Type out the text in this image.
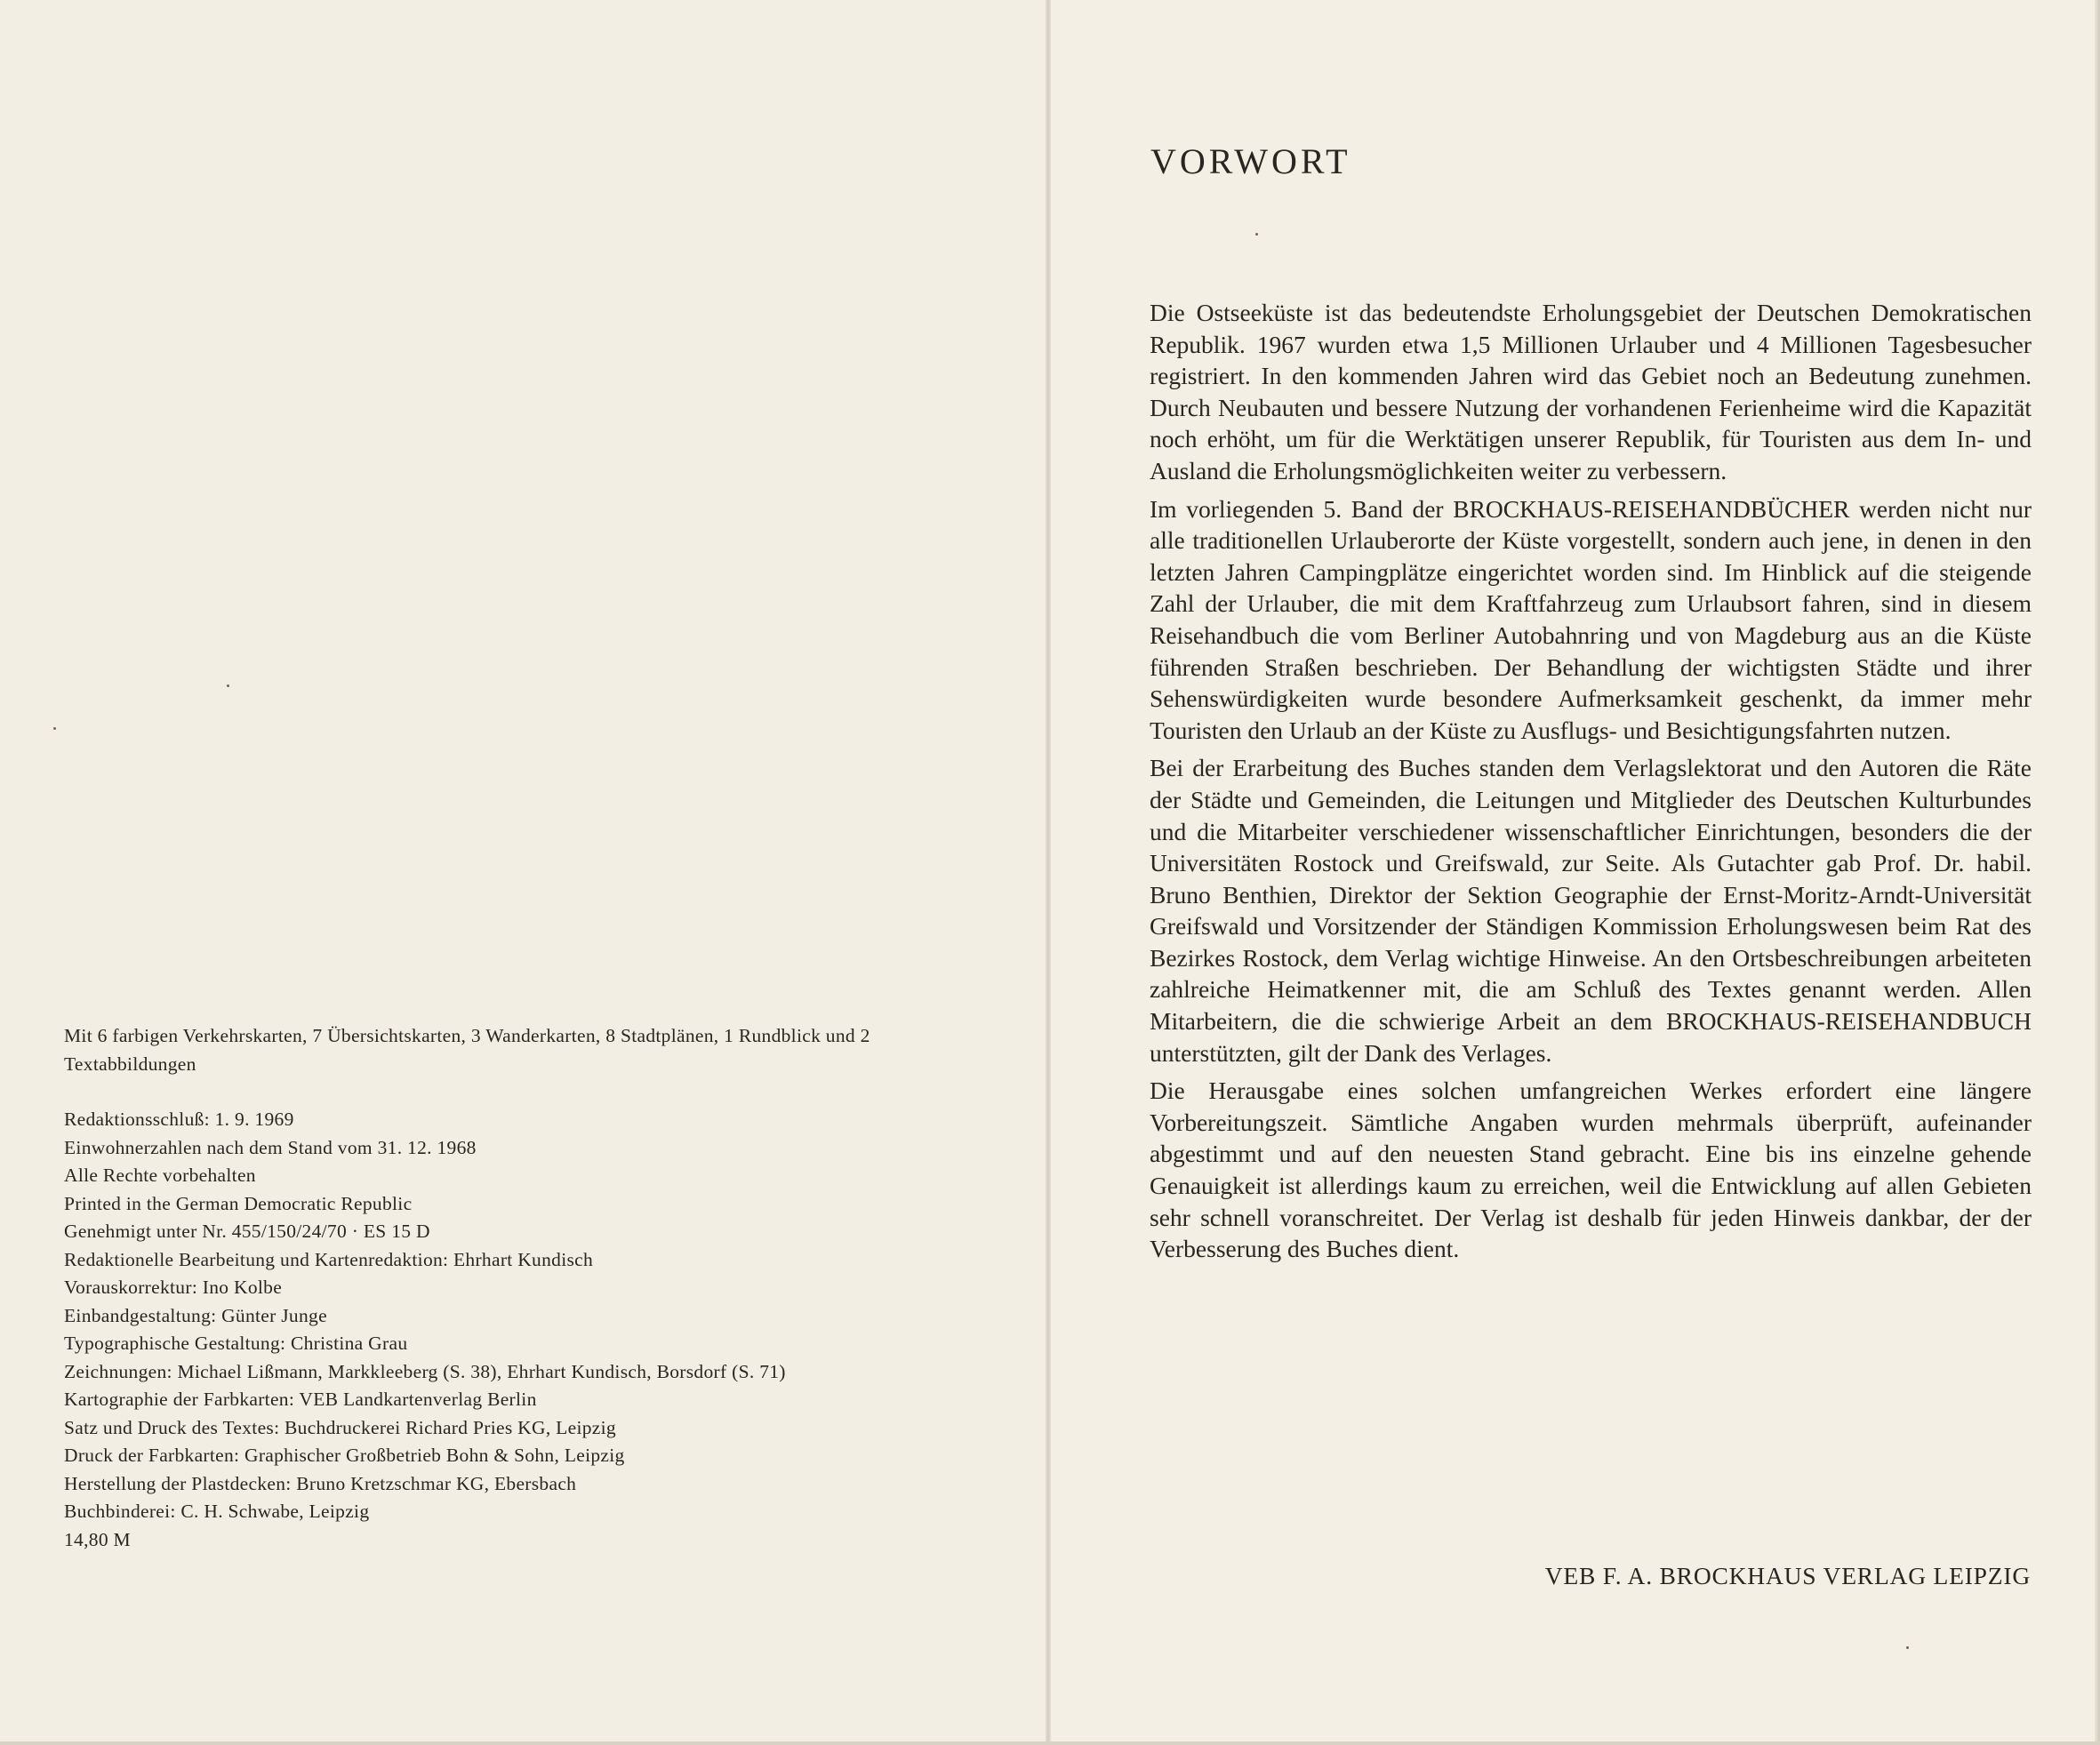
Mit 6 farbigen Verkehrskarten, 7 Übersichtskarten, 3 Wanderkarten, 8 Stadtplänen, 1 Rundblick und 2 Textabbildungen

Redaktionsschluß: 1. 9. 1969

Einwohnerzahlen nach dem Stand vom 31. 12. 1968

Alle Rechte vorbehalten

Printed in the German Democratic Republic

Genehmigt unter Nr. 455/150/24/70 · ES 15 D

Redaktionelle Bearbeitung und Kartenredaktion: Ehrhart Kundisch

Vorauskorrektur: Ino Kolbe

Einbandgestaltung: Günter Junge

Typographische Gestaltung: Christina Grau

Zeichnungen: Michael Lißmann, Markkleeberg (S. 38), Ehrhart Kundisch, Borsdorf (S. 71)

Kartographie der Farbkarten: VEB Landkartenverlag Berlin

Satz und Druck des Textes: Buchdruckerei Richard Pries KG, Leipzig

Druck der Farbkarten: Graphischer Großbetrieb Bohn & Sohn, Leipzig

Herstellung der Plastdecken: Bruno Kretzschmar KG, Ebersbach

Buchbinderei: C. H. Schwabe, Leipzig

14,80 M

VORWORT

Die Ostseeküste ist das bedeutendste Erholungsgebiet der Deutschen Demokratischen Republik. 1967 wurden etwa 1,5 Millionen Urlauber und 4 Millionen Tagesbesucher registriert. In den kommenden Jahren wird das Gebiet noch an Bedeutung zunehmen. Durch Neubauten und bessere Nutzung der vorhandenen Ferienheime wird die Kapazität noch erhöht, um für die Werktätigen unserer Republik, für Touristen aus dem In- und Ausland die Erholungsmöglichkeiten weiter zu verbessern.

Im vorliegenden 5. Band der BROCKHAUS-REISEHANDBÜCHER werden nicht nur alle traditionellen Urlauberorte der Küste vorgestellt, sondern auch jene, in denen in den letzten Jahren Campingplätze eingerichtet worden sind. Im Hinblick auf die steigende Zahl der Urlauber, die mit dem Kraftfahrzeug zum Urlaubsort fahren, sind in diesem Reisehandbuch die vom Berliner Autobahnring und von Magdeburg aus an die Küste führenden Straßen beschrieben. Der Behandlung der wichtigsten Städte und ihrer Sehenswürdigkeiten wurde besondere Aufmerksamkeit geschenkt, da immer mehr Touristen den Urlaub an der Küste zu Ausflugs- und Besichtigungsfahrten nutzen.

Bei der Erarbeitung des Buches standen dem Verlagslektorat und den Autoren die Räte der Städte und Gemeinden, die Leitungen und Mitglieder des Deutschen Kulturbundes und die Mitarbeiter verschiedener wissenschaftlicher Einrichtungen, besonders die der Universitäten Rostock und Greifswald, zur Seite. Als Gutachter gab Prof. Dr. habil. Bruno Benthien, Direktor der Sektion Geographie der Ernst-Moritz-Arndt-Universität Greifswald und Vorsitzender der Ständigen Kommission Erholungswesen beim Rat des Bezirkes Rostock, dem Verlag wichtige Hinweise. An den Ortsbeschreibungen arbeiteten zahlreiche Heimatkenner mit, die am Schluß des Textes genannt werden. Allen Mitarbeitern, die die schwierige Arbeit an dem BROCKHAUS-REISEHANDBUCH unterstützten, gilt der Dank des Verlages.

Die Herausgabe eines solchen umfangreichen Werkes erfordert eine längere Vorbereitungszeit. Sämtliche Angaben wurden mehrmals überprüft, aufeinander abgestimmt und auf den neuesten Stand gebracht. Eine bis ins einzelne gehende Genauigkeit ist allerdings kaum zu erreichen, weil die Entwicklung auf allen Gebieten sehr schnell voranschreitet. Der Verlag ist deshalb für jeden Hinweis dankbar, der der Verbesserung des Buches dient.

VEB F. A. BROCKHAUS VERLAG LEIPZIG
